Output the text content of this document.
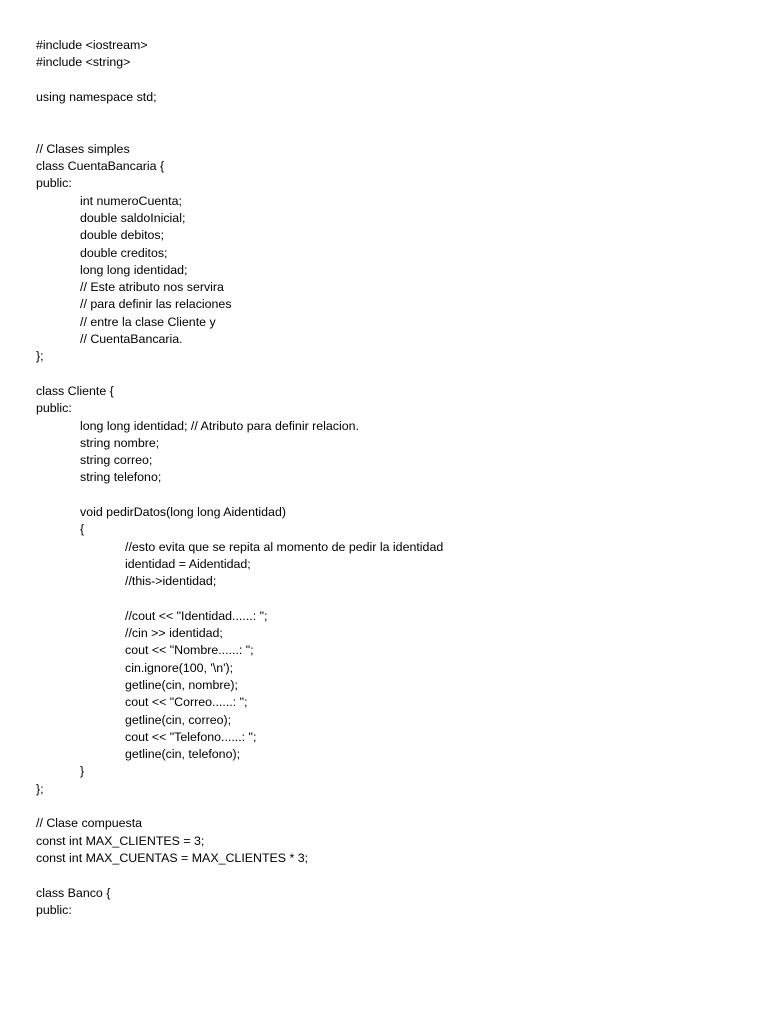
#include <iostream>
#include <string>
using namespace std;
// Clases simples
class CuentaBancaria {
public:
int numeroCuenta;
double saldoInicial;
double debitos;
double creditos;
long long identidad;
// Este atributo nos servira
// para definir las relaciones
// entre la clase Cliente y
// CuentaBancaria.
};
class Cliente {
public:
long long identidad; // Atributo para definir relacion.
string nombre;
string correo;
string telefono;
void pedirDatos(long long Aidentidad)
{
//esto evita que se repita al momento de pedir la identidad
identidad = Aidentidad;
//this->identidad;
//cout << "Identidad......: ";
//cin >> identidad;
cout << "Nombre......: ";
cin.ignore(100, '\n');
getline(cin, nombre);
cout << "Correo......: ";
getline(cin, correo);
cout << "Telefono......: ";
getline(cin, telefono);
}
};
// Clase compuesta
const int MAX_CLIENTES = 3;
const int MAX_CUENTAS = MAX_CLIENTES * 3;
class Banco {
public:
